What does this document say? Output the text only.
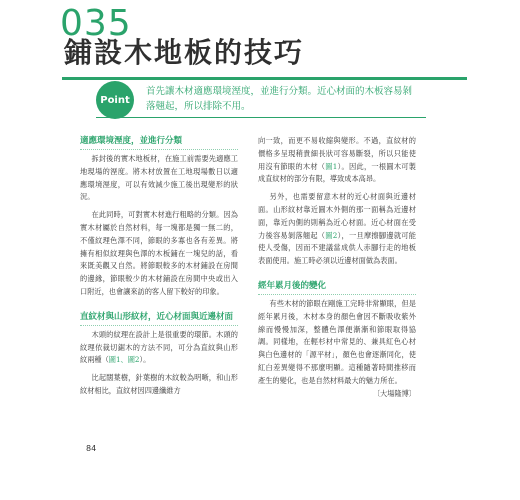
035
鋪設木地板的技巧
Point
首先讓木材適應環境溼度，並進行分類。近心材面的木板容易剝落翹起，所以排除不用。
適應環境溼度，並進行分類

拆封後的實木地板材，在施工前需要先適應工地現場的溼度。將木材放置在工地現場數日以適應環境溼度，可以有效減少施工後出現變形的狀況。

在此同時，可對實木材進行粗略的分類。因為實木材屬於自然材料，每一塊都是獨一無二的，不僅紋理色澤不同，節眼的多寡也各有差異。將擁有相似紋理與色澤的木板鋪在一塊兒的話，看來既美觀又自然。將節眼較多的木材鋪設在房間的邊緣，節眼較少的木材鋪設在房間中央或出入口附近，也會讓來訪的客人留下較好的印象。

直紋材與山形紋材，近心材面與近邊材面

木頭的紋理在設計上是很重要的環節。木頭的紋理依裁切鋸木的方法不同，可分為直紋與山形紋兩種（圖1、圖2）。

比起闊葉樹，針葉樹的木紋較為明晰，和山形紋材相比，直紋材因四邊纖維方

向一致，而更不易收縮與變形。不過，直紋材的價格多呈現稍貴細長狀可容易斷裂，所以只能使用沒有節眼的木材（圖1）。因此，一根圓木可製成直紋材的部分有限，導致成本高昂。

另外，也需要留意木材的近心材面與近邊材面。山形紋材靠近圓木外側的那一面稱為近邊材面，靠近內側的則稱為近心材面。近心材面在受力後容易剝落翹起（圖2），一旦摩擦腳邊就可能使人受傷，因而不建議當成供人赤腳行走的地板表面使用。施工時必須以近邊材面做為表面。

經年累月後的變化

有些木材的節眼在剛施工完時非常顯眼，但是經年累月後，木材本身的顏色會因不斷吸收紫外線而慢慢加深，整體色澤便漸漸和節眼取得協調。同樣地，在輕杉材中常見的、兼具紅色心材與白色邊材的「源平材」，顏色也會逐漸同化，使紅白差異變得不那麼明顯。這種隨著時間推移而產生的變化，也是自然材料最大的魅力所在。

〔大場隆博〕

84
